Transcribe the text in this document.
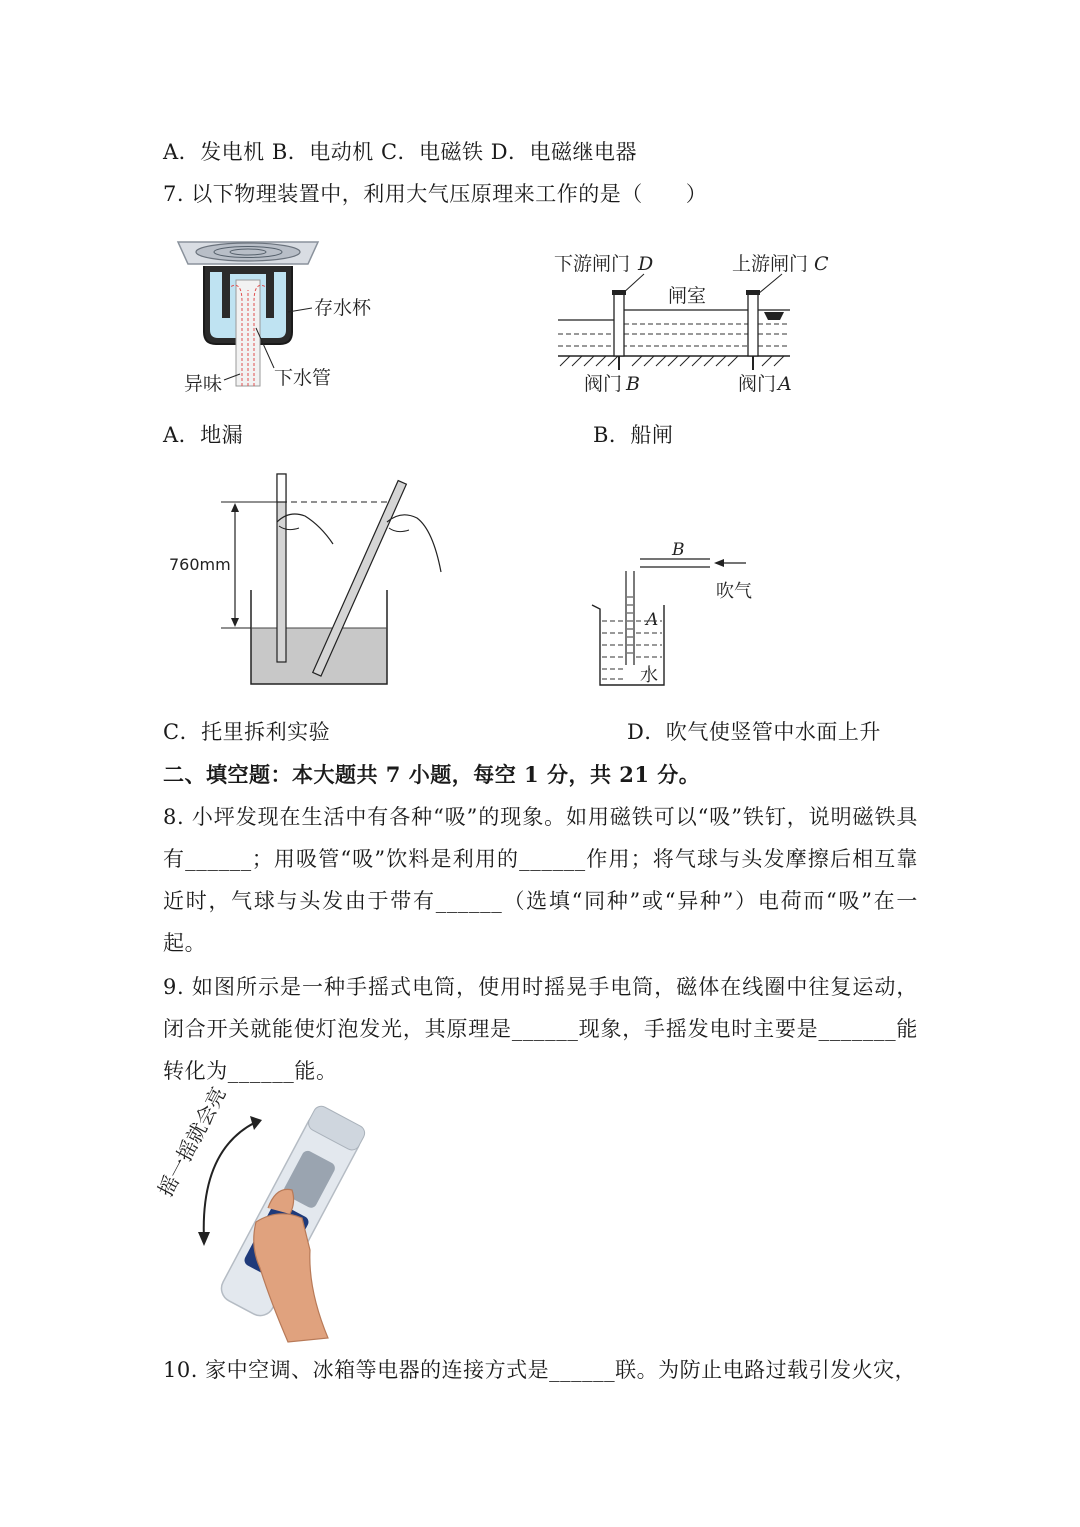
A．发电机 B．电动机 C．电磁铁 D．电磁继电器
7. 以下物理装置中，利用大气压原理来工作的是（　　）
存水杯
下水管
异味
下游闸门 D	上游闸门 C
闸室
阀门 B	阀门 A
A．地漏	B．船闸
760mm
B
吹气
A
水
C．托里拆利实验	D．吹气使竖管中水面上升
二、填空题：本大题共 7 小题，每空 1 分，共 21 分。
8. 小坪发现在生活中有各种“吸”的现象。如用磁铁可以“吸”铁钉，说明磁铁具有______；用吸管“吸”饮料是利用的______作用；将气球与头发摩擦后相互靠近时，气球与头发由于带有______（选填“同种”或“异种”）电荷而“吸”在一起。
9. 如图所示是一种手摇式电筒，使用时摇晃手电筒，磁体在线圈中往复运动，闭合开关就能使灯泡发光，其原理是______现象，手摇发电时主要是_______能转化为______能。
摇一摇就会亮
10. 家中空调、冰箱等电器的连接方式是______联。为防止电路过载引发火灾，
